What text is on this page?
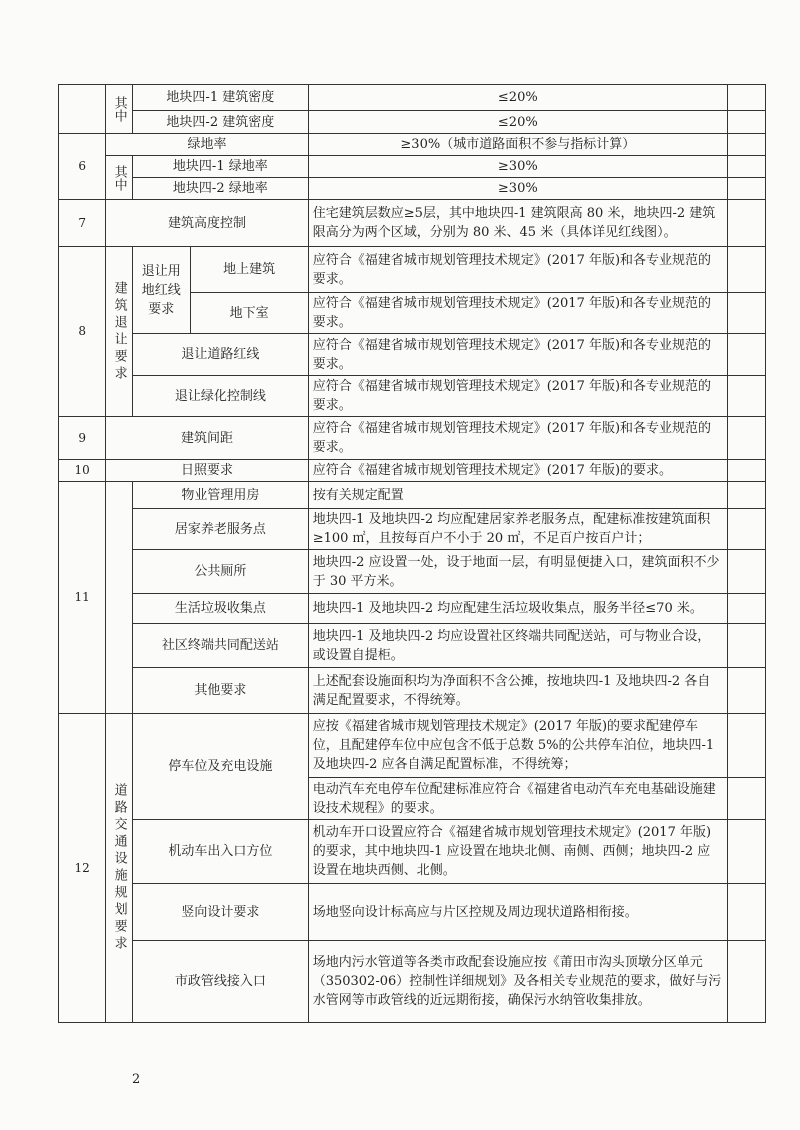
	其中	地块四-1 建筑密度		≤20%	
		地块四-2 建筑密度		≤20%	
6	绿地率			≥30%（城市道路面积不参与指标计算）	
	其中	地块四-1 绿地率		≥30%	
		地块四-2 绿地率		≥30%	
7	建筑高度控制			住宅建筑层数应≥5层，其中地块四-1 建筑限高 80 米，地块四-2 建筑限高分为两个区域，分别为 80 米、45 米（具体详见红线图）。	
8	建筑退让要求	退让用地红线要求	地上建筑	应符合《福建省城市规划管理技术规定》(2017 年版)和各专业规范的要求。	
			地下室	应符合《福建省城市规划管理技术规定》(2017 年版)和各专业规范的要求。	
		退让道路红线		应符合《福建省城市规划管理技术规定》(2017 年版)和各专业规范的要求。	
		退让绿化控制线		应符合《福建省城市规划管理技术规定》(2017 年版)和各专业规范的要求。	
9	建筑间距			应符合《福建省城市规划管理技术规定》(2017 年版)和各专业规范的要求。	
10	日照要求			应符合《福建省城市规划管理技术规定》(2017 年版)的要求。	
11		物业管理用房		按有关规定配置	
		居家养老服务点		地块四-1 及地块四-2 均应配建居家养老服务点，配建标准按建筑面积≥100 ㎡，且按每百户不小于 20 ㎡，不足百户按百户计；	
		公共厕所		地块四-2 应设置一处，设于地面一层，有明显便捷入口，建筑面积不少于 30 平方米。	
		生活垃圾收集点		地块四-1 及地块四-2 均应配建生活垃圾收集点，服务半径≤70 米。	
		社区终端共同配送站		地块四-1 及地块四-2 均应设置社区终端共同配送站，可与物业合设，或设置自提柜。	
		其他要求		上述配套设施面积均为净面积不含公摊，按地块四-1 及地块四-2 各自满足配置要求，不得统筹。	
12	道路交通设施规划要求	停车位及充电设施		应按《福建省城市规划管理技术规定》(2017 年版)的要求配建停车位，且配建停车位中应包含不低于总数 5%的公共停车泊位，地块四-1 及地块四-2 应各自满足配置标准，不得统筹；	
				电动汽车充电停车位配建标准应符合《福建省电动汽车充电基础设施建设技术规程》的要求。	
		机动车出入口方位		机动车开口设置应符合《福建省城市规划管理技术规定》(2017 年版)的要求，其中地块四-1 应设置在地块北侧、南侧、西侧；地块四-2 应设置在地块西侧、北侧。	
		竖向设计要求		场地竖向设计标高应与片区控规及周边现状道路相衔接。	
		市政管线接入口		场地内污水管道等各类市政配套设施应按《莆田市沟头顶墩分区单元（350302-06）控制性详细规划》及各相关专业规范的要求，做好与污水管网等市政管线的近远期衔接，确保污水纳管收集排放。	
2
